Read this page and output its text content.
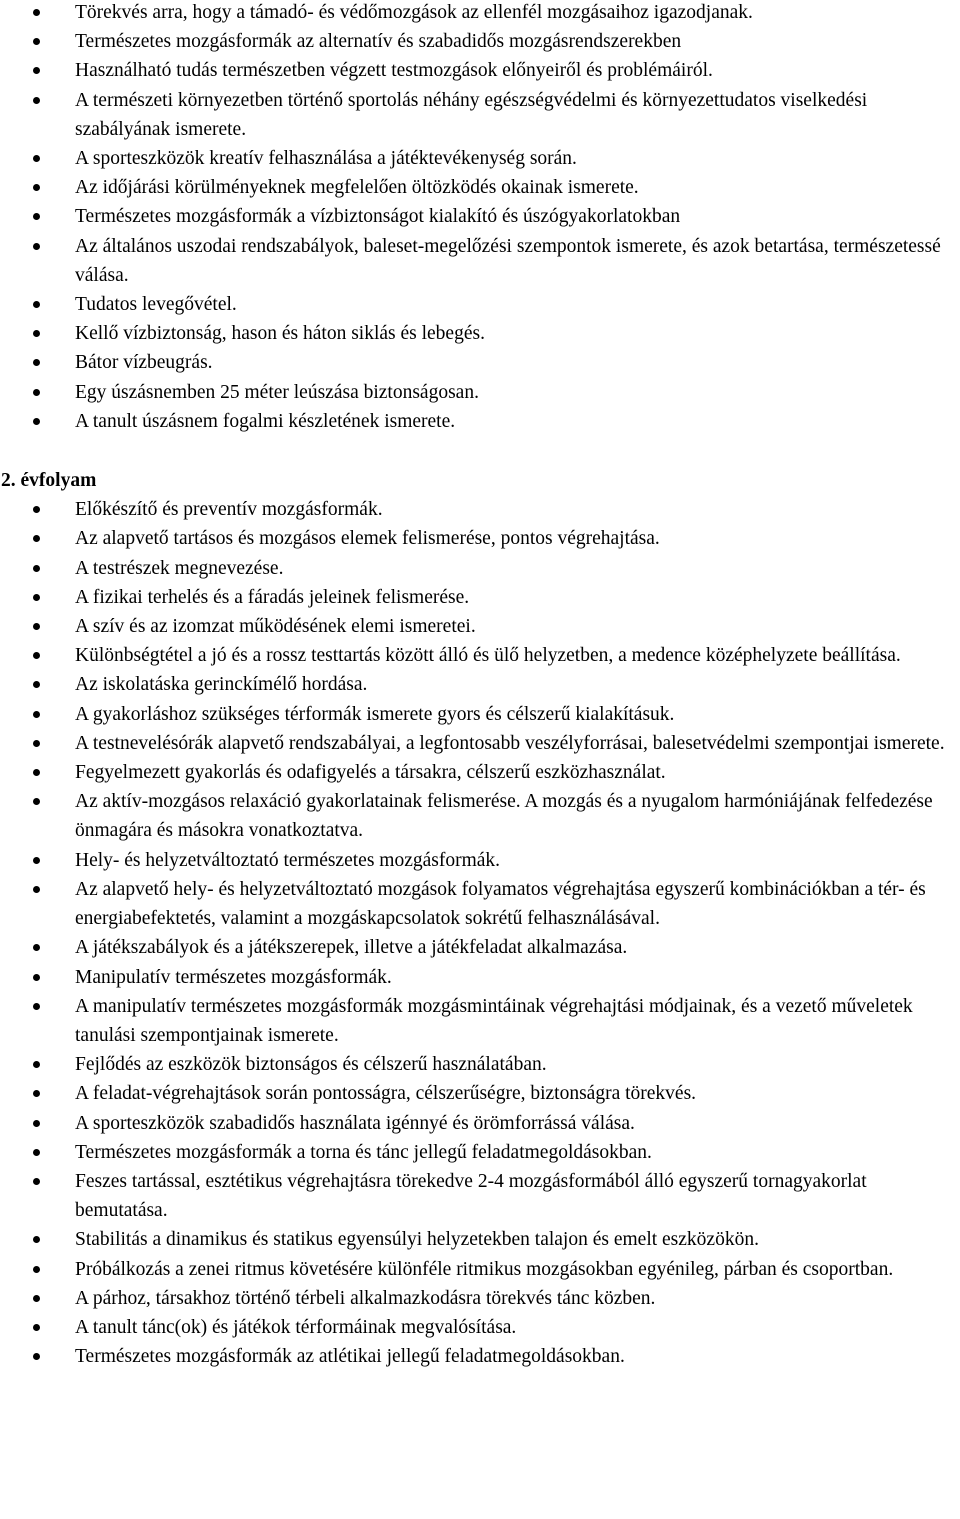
Törekvés arra, hogy a támadó- és védőmozgások az ellenfél mozgásaihoz igazodjanak.
Természetes mozgásformák az alternatív és szabadidős mozgásrendszerekben
Használható tudás természetben végzett testmozgások előnyeiről és problémáiról.
A természeti környezetben történő sportolás néhány egészségvédelmi és környezettudatos viselkedési szabályának ismerete.
A sporteszközök kreatív felhasználása a játéktevékenység során.
Az időjárási körülményeknek megfelelően öltözködés okainak ismerete.
Természetes mozgásformák a vízbiztonságot kialakító és úszógyakorlatokban
Az általános uszodai rendszabályok, baleset-megelőzési szempontok ismerete, és azok betartása, természetessé válása.
Tudatos levegővétel.
Kellő vízbiztonság, hason és háton siklás és lebegés.
Bátor vízbeugrás.
Egy úszásnemben 25 méter leúszása biztonságosan.
A tanult úszásnem fogalmi készletének ismerete.
2. évfolyam
Előkészítő és preventív mozgásformák.
Az alapvető tartásos és mozgásos elemek felismerése, pontos végrehajtása.
A testrészek megnevezése.
A fizikai terhelés és a fáradás jeleinek felismerése.
A szív és az izomzat működésének elemi ismeretei.
Különbségtétel a jó és a rossz testtartás között álló és ülő helyzetben, a medence középhelyzete beállítása.
Az iskolatáska gerinckímélő hordása.
A gyakorláshoz szükséges térformák ismerete gyors és célszerű kialakításuk.
A testnevelésórák alapvető rendszabályai, a legfontosabb veszélyforrásai, balesetvédelmi szempontjai ismerete.
Fegyelmezett gyakorlás és odafigyelés a társakra, célszerű eszközhasználat.
Az aktív-mozgásos relaxáció gyakorlatainak felismerése. A mozgás és a nyugalom harmóniájának felfedezése önmagára és másokra vonatkoztatva.
Hely- és helyzetváltoztató természetes mozgásformák.
Az alapvető hely- és helyzetváltoztató mozgások folyamatos végrehajtása egyszerű kombinációkban a tér- és energiabefektetés, valamint a mozgáskapcsolatok sokrétű felhasználásával.
A játékszabályok és a játékszerepek, illetve a játékfeladat alkalmazása.
Manipulatív természetes mozgásformák.
A manipulatív természetes mozgásformák mozgásmintáinak végrehajtási módjainak, és a vezető műveletek tanulási szempontjainak ismerete.
Fejlődés az eszközök biztonságos és célszerű használatában.
A feladat-végrehajtások során pontosságra, célszerűségre, biztonságra törekvés.
A sporteszközök szabadidős használata igénnyé és örömforrássá válása.
Természetes mozgásformák a torna és tánc jellegű feladatmegoldásokban.
Feszes tartással, esztétikus végrehajtásra törekedve 2-4 mozgásformából álló egyszerű tornagyakorlat bemutatása.
Stabilitás a dinamikus és statikus egyensúlyi helyzetekben talajon és emelt eszközökön.
Próbálkozás a zenei ritmus követésére különféle ritmikus mozgásokban egyénileg, párban és csoportban.
A párhoz, társakhoz történő térbeli alkalmazkodásra törekvés tánc közben.
A tanult tánc(ok) és játékok térformáinak megvalósítása.
Természetes mozgásformák az atlétikai jellegű feladatmegoldásokban.
